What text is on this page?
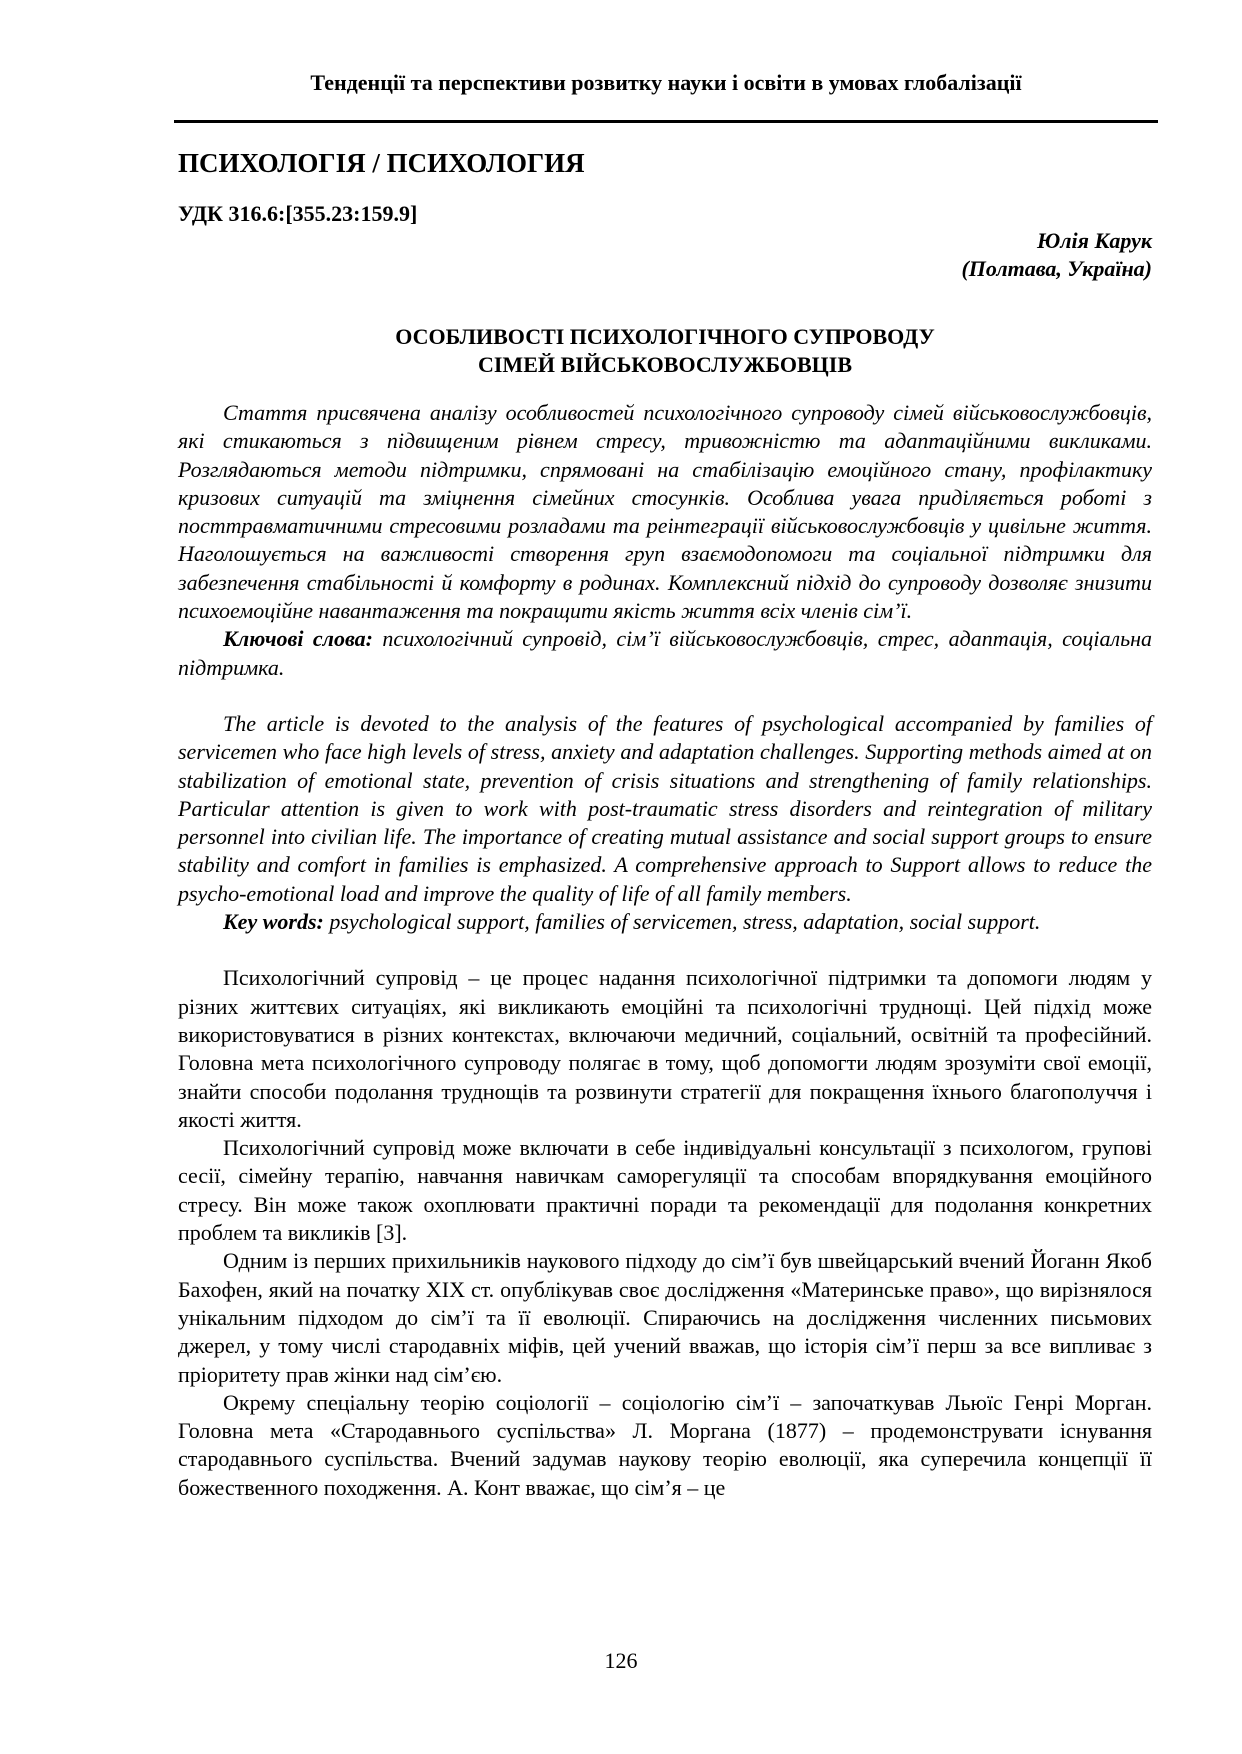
Тенденції та перспективи розвитку науки і освіти в умовах глобалізації
ПСИХОЛОГІЯ / ПСИХОЛОГИЯ
УДК 316.6:[355.23:159.9]
Юлія Карук
(Полтава, Україна)
ОСОБЛИВОСТІ ПСИХОЛОГІЧНОГО СУПРОВОДУ
СІМЕЙ ВІЙСЬКОВОСЛУЖБОВЦІВ

Стаття присвячена аналізу особливостей психологічного супроводу сімей військовослужбовців, які стикаються з підвищеним рівнем стресу, тривожністю та адаптаційними викликами. Розглядаються методи підтримки, спрямовані на стабілізацію емоційного стану, профілактику кризових ситуацій та зміцнення сімейних стосунків. Особлива увага приділяється роботі з посттравматичними стресовими розладами та реінтеграції військовослужбовців у цивільне життя. Наголошується на важливості створення груп взаємодопомоги та соціальної підтримки для забезпечення стабільності й комфорту в родинах. Комплексний підхід до супроводу дозволяє знизити психоемоційне навантаження та покращити якість життя всіх членів сім’ї.

Ключові слова: психологічний супровід, сім’ї військовослужбовців, стрес, адаптація, соціальна підтримка.

The article is devoted to the analysis of the features of psychological accompanied by families of servicemen who face high levels of stress, anxiety and adaptation challenges. Supporting methods aimed at on stabilization of emotional state, prevention of crisis situations and strengthening of family relationships. Particular attention is given to work with post-traumatic stress disorders and reintegration of military personnel into civilian life. The importance of creating mutual assistance and social support groups to ensure stability and comfort in families is emphasized. A comprehensive approach to Support allows to reduce the psycho-emotional load and improve the quality of life of all family members.

Key words: psychological support, families of servicemen, stress, adaptation, social support.

Психологічний супровід – це процес надання психологічної підтримки та допомоги людям у різних життєвих ситуаціях, які викликають емоційні та психологічні труднощі. Цей підхід може використовуватися в різних контекстах, включаючи медичний, соціальний, освітній та професійний. Головна мета психологічного супроводу полягає в тому, щоб допомогти людям зрозуміти свої емоції, знайти способи подолання труднощів та розвинути стратегії для покращення їхнього благополуччя і якості життя.

Психологічний супровід може включати в себе індивідуальні консультації з психологом, групові сесії, сімейну терапію, навчання навичкам саморегуляції та способам впорядкування емоційного стресу. Він може також охоплювати практичні поради та рекомендації для подолання конкретних проблем та викликів [3].

Одним із перших прихильників наукового підходу до сім’ї був швейцарський вчений Йоганн Якоб Бахофен, який на початку XIX ст. опублікував своє дослідження «Материнське право», що вирізнялося унікальним підходом до сім’ї та її еволюції. Спираючись на дослідження численних письмових джерел, у тому числі стародавніх міфів, цей учений вважав, що історія сім’ї перш за все випливає з пріоритету прав жінки над сім’єю.

Окрему спеціальну теорію соціології – соціологію сім’ї – започаткував Льюїс Генрі Морган. Головна мета «Стародавнього суспільства» Л. Моргана (1877) – продемонструвати існування стародавнього суспільства. Вчений задумав наукову теорію еволюції, яка суперечила концепції її божественного походження. А. Конт вважає, що сім’я – це

126
